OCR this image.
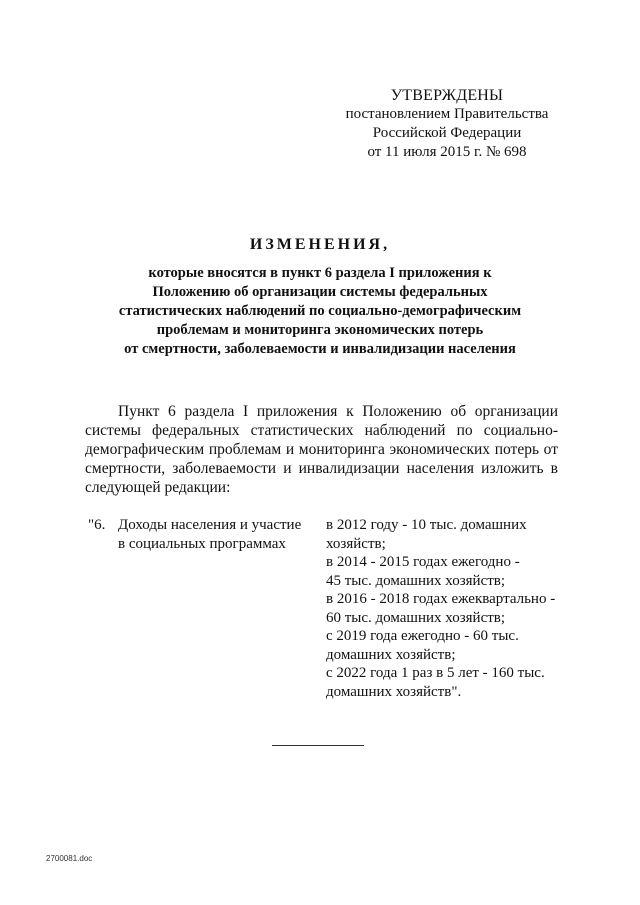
УТВЕРЖДЕНЫ
постановлением Правительства
Российской Федерации
от 11 июля 2015 г. № 698
ИЗМЕНЕНИЯ,
которые вносятся в пункт 6 раздела I приложения к
Положению об организации системы федеральных
статистических наблюдений по социально-демографическим
проблемам и мониторинга экономических потерь
от смертности, заболеваемости и инвалидизации населения

Пункт 6 раздела I приложения к Положению об организации системы федеральных статистических наблюдений по социально-демографическим проблемам и мониторинга экономических потерь от смертности, заболеваемости и инвалидизации населения изложить в следующей редакции:

"6. Доходы населения и участие
в социальных программах
в 2012 году - 10 тыс. домашних
хозяйств;
в 2014 - 2015 годах ежегодно -
45 тыс. домашних хозяйств;
в 2016 - 2018 годах ежеквартально -
60 тыс. домашних хозяйств;
с 2019 года ежегодно - 60 тыс.
домашних хозяйств;
с 2022 года 1 раз в 5 лет - 160 тыс.
домашних хозяйств".
2700081.doc
